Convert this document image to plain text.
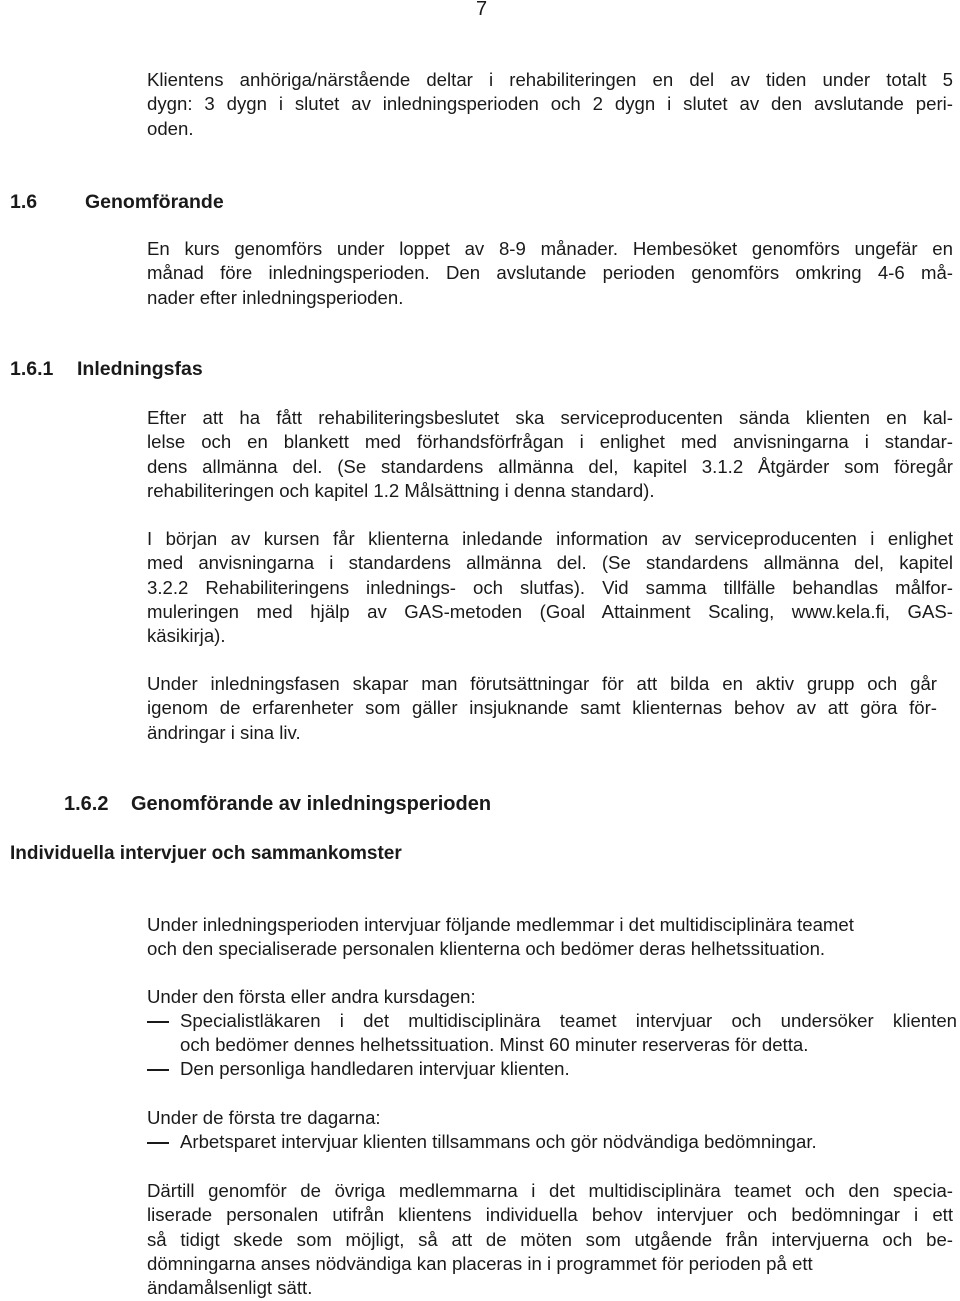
7
Klientens anhöriga/närstående deltar i rehabiliteringen en del av tiden under totalt 5
dygn: 3 dygn i slutet av inledningsperioden och 2 dygn i slutet av den avslutande peri-
oden.
1.6 Genomförande
En kurs genomförs under loppet av 8-9 månader. Hembesöket genomförs ungefär en
månad före inledningsperioden. Den avslutande perioden genomförs omkring 4-6 må-
nader efter inledningsperioden.
1.6.1 Inledningsfas
Efter att ha fått rehabiliteringsbeslutet ska serviceproducenten sända klienten en kal-
lelse och en blankett med förhandsförfrågan i enlighet med anvisningarna i standar-
dens allmänna del. (Se standardens allmänna del, kapitel 3.1.2 Åtgärder som föregår
rehabiliteringen och kapitel 1.2 Målsättning i denna standard).
I början av kursen får klienterna inledande information av serviceproducenten i enlighet
med anvisningarna i standardens allmänna del. (Se standardens allmänna del, kapitel
3.2.2 Rehabiliteringens inlednings- och slutfas). Vid samma tillfälle behandlas målfor-
muleringen med hjälp av GAS-metoden (Goal Attainment Scaling, www.kela.fi, GAS-
käsikirja).
Under inledningsfasen skapar man förutsättningar för att bilda en aktiv grupp och går
igenom de erfarenheter som gäller insjuknande samt klienternas behov av att göra för-
ändringar i sina liv.
1.6.2 Genomförande av inledningsperioden
Individuella intervjuer och sammankomster
Under inledningsperioden intervjuar följande medlemmar i det multidisciplinära teamet
och den specialiserade personalen klienterna och bedömer deras helhetssituation.
Under den första eller andra kursdagen:
Specialistläkaren i det multidisciplinära teamet intervjuar och undersöker klienten
och bedömer dennes helhetssituation. Minst 60 minuter reserveras för detta.
Den personliga handledaren intervjuar klienten.
Under de första tre dagarna:
Arbetsparet intervjuar klienten tillsammans och gör nödvändiga bedömningar.
Därtill genomför de övriga medlemmarna i det multidisciplinära teamet och den specia-
liserade personalen utifrån klientens individuella behov intervjuer och bedömningar i ett
så tidigt skede som möjligt, så att de möten som utgående från intervjuerna och be-
dömningarna anses nödvändiga kan placeras in i programmet för perioden på ett
ändamålsenligt sätt.
